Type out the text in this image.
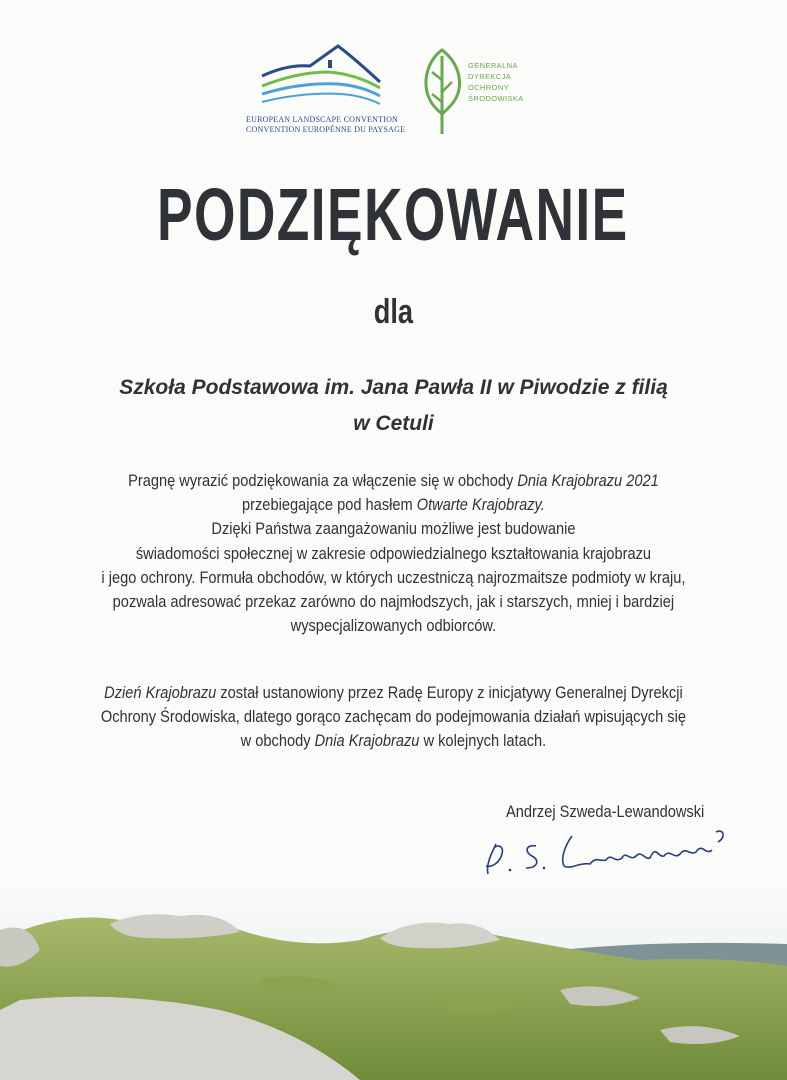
EUROPEAN LANDSCAPE CONVENTION
CONVENTION EUROPÉNNE DU PAYSAGE
GENERALNA
DYREKCJA
OCHRONY
ŚRODOWISKA
PODZIĘKOWANIE
dla
Szkoła Podstawowa im. Jana Pawła II w Piwodzie z filią
w Cetuli
Pragnę wyrazić podziękowania za włączenie się w obchody Dnia Krajobrazu 2021
przebiegające pod hasłem Otwarte Krajobrazy.
Dzięki Państwa zaangażowaniu możliwe jest budowanie
świadomości społecznej w zakresie odpowiedzialnego kształtowania krajobrazu
i jego ochrony. Formuła obchodów, w których uczestniczą najrozmaitsze podmioty w kraju,
pozwala adresować przekaz zarówno do najmłodszych, jak i starszych, mniej i bardziej
wyspecjalizowanych odbiorców.
Dzień Krajobrazu został ustanowiony przez Radę Europy z inicjatywy Generalnej Dyrekcji
Ochrony Środowiska, dlatego gorąco zachęcam do podejmowania działań wpisujących się
w obchody Dnia Krajobrazu w kolejnych latach.
Andrzej Szweda-Lewandowski
